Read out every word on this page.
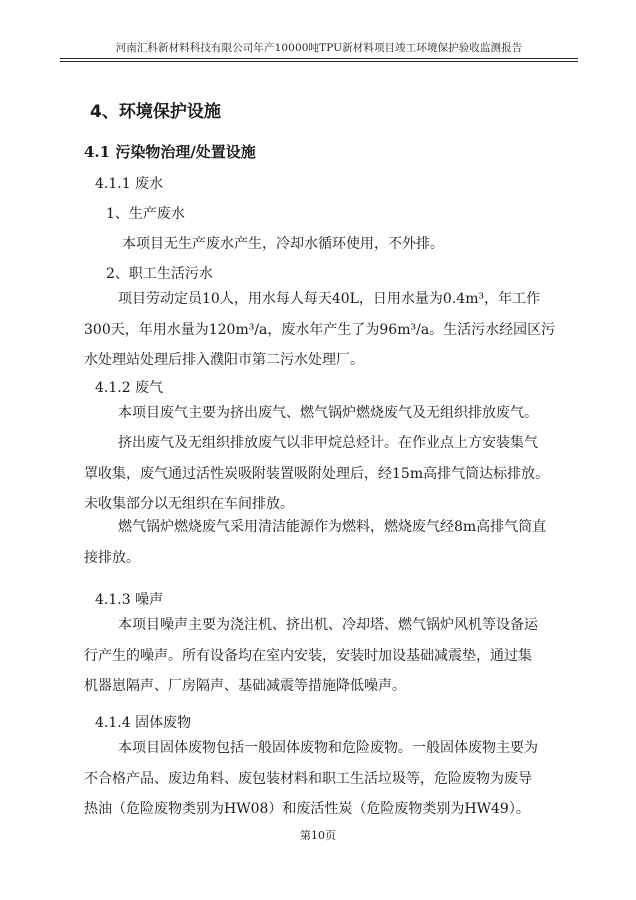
河南汇科新材料科技有限公司年产10000吨TPU新材料项目竣工环境保护验收监测报告
4、环境保护设施
4.1 污染物治理/处置设施
4.1.1 废水
1、生产废水
本项目无生产废水产生，冷却水循环使用，不外排。
2、职工生活污水
项目劳动定员10人，用水每人每天40L，日用水量为0.4m³，年工作
300天，年用水量为120m³/a，废水年产生了为96m³/a。生活污水经园区污
水处理站处理后排入濮阳市第二污水处理厂。
4.1.2 废气
本项目废气主要为挤出废气、燃气锅炉燃烧废气及无组织排放废气。
挤出废气及无组织排放废气以非甲烷总烃计。在作业点上方安装集气
罩收集，废气通过活性炭吸附装置吸附处理后，经15m高排气筒达标排放。
未收集部分以无组织在车间排放。
燃气锅炉燃烧废气采用清洁能源作为燃料，燃烧废气经8m高排气筒直
接排放。
4.1.3 噪声
本项目噪声主要为浇注机、挤出机、冷却塔、燃气锅炉风机等设备运
行产生的噪声。所有设备均在室内安装，安装时加设基础减震垫，通过集
机器崽隔声、厂房隔声、基础减震等措施降低噪声。
4.1.4 固体废物
本项目固体废物包括一般固体废物和危险废物。一般固体废物主要为
不合格产品、废边角料、废包装材料和职工生活垃圾等，危险废物为废导
热油（危险废物类别为HW08）和废活性炭（危险废物类别为HW49）。
第10页
